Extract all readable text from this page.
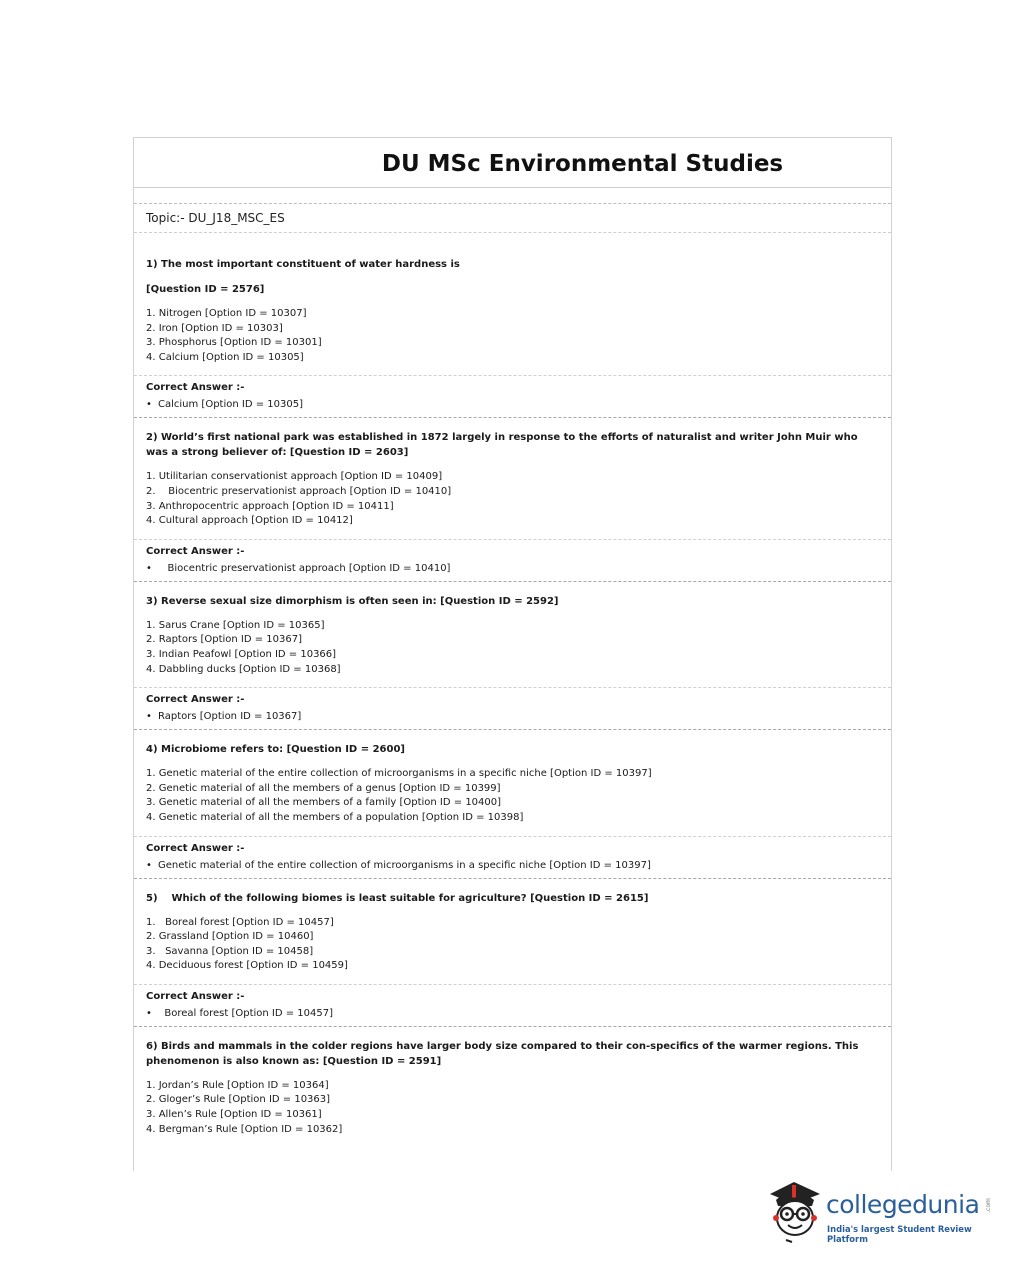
DU MSc Environmental Studies
Topic:- DU_J18_MSC_ES

1) The most important constituent of water hardness is

[Question ID = 2576]

1. Nitrogen [Option ID = 10307]

2. Iron [Option ID = 10303]

3. Phosphorus [Option ID = 10301]

4. Calcium [Option ID = 10305]

Correct Answer :-

• Calcium [Option ID = 10305]

2) World’s first national park was established in 1872 largely in response to the efforts of naturalist and writer John Muir who was a strong believer of: [Question ID = 2603]

1. Utilitarian conservationist approach [Option ID = 10409]

2.    Biocentric preservationist approach [Option ID = 10410]

3. Anthropocentric approach [Option ID = 10411]

4. Cultural approach [Option ID = 10412]

Correct Answer :-

•   Biocentric preservationist approach [Option ID = 10410]

3) Reverse sexual size dimorphism is often seen in: [Question ID = 2592]

1. Sarus Crane [Option ID = 10365]

2. Raptors [Option ID = 10367]

3. Indian Peafowl [Option ID = 10366]

4. Dabbling ducks [Option ID = 10368]

Correct Answer :-

• Raptors [Option ID = 10367]

4) Microbiome refers to: [Question ID = 2600]

1. Genetic material of the entire collection of microorganisms in a specific niche [Option ID = 10397]

2. Genetic material of all the members of a genus [Option ID = 10399]

3. Genetic material of all the members of a family [Option ID = 10400]

4. Genetic material of all the members of a population [Option ID = 10398]

Correct Answer :-

• Genetic material of the entire collection of microorganisms in a specific niche [Option ID = 10397]

5)    Which of the following biomes is least suitable for agriculture? [Question ID = 2615]

1.   Boreal forest [Option ID = 10457]

2. Grassland [Option ID = 10460]

3.   Savanna [Option ID = 10458]

4. Deciduous forest [Option ID = 10459]

Correct Answer :-

•  Boreal forest [Option ID = 10457]

6) Birds and mammals in the colder regions have larger body size compared to their con-specifics of the warmer regions. This phenomenon is also known as: [Question ID = 2591]

1. Jordan’s Rule [Option ID = 10364]

2. Gloger’s Rule [Option ID = 10363]

3. Allen’s Rule [Option ID = 10361]

4. Bergman’s Rule [Option ID = 10362]

collegedunia .com
India's largest Student Review Platform
